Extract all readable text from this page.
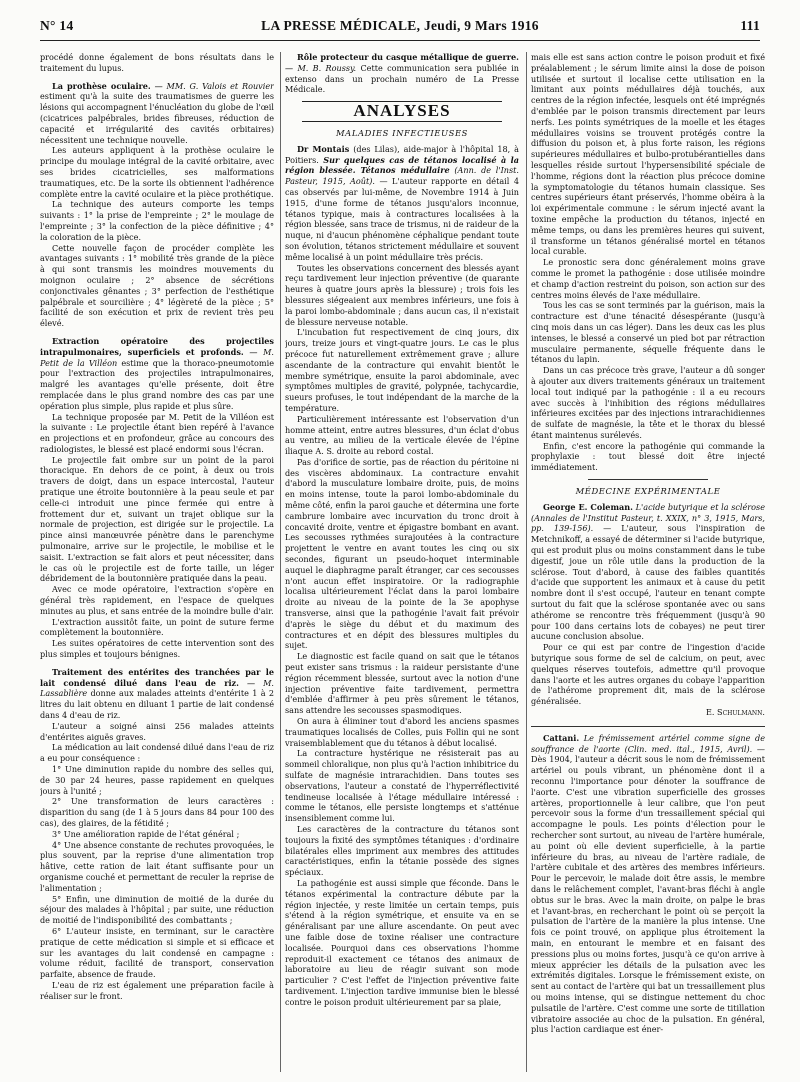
N° 14	LA PRESSE MÉDICALE, Jeudi, 9 Mars 1916	111

procédé donne également de bons résultats dans le traitement du lupus.

La prothèse oculaire. — MM. G. Valois et Rouvier estiment qu'à la suite des traumatismes de guerre les lésions qui accompagnent l'énucléation du globe de l'œil (cicatrices palpébrales, brides fibreuses, réduction de capacité et irrégularité des cavités orbitaires) nécessitent une technique nouvelle.

Les auteurs appliquent à la prothèse oculaire le principe du moulage intégral de la cavité orbitaire, avec ses brides cicatricielles, ses malformations traumatiques, etc. De la sorte ils obtiennent l'adhérence complète entre la cavité oculaire et la pièce prothétique.

La technique des auteurs comporte les temps suivants : 1° la prise de l'empreinte ; 2° le moulage de l'empreinte ; 3° la confection de la pièce définitive ; 4° la coloration de la pièce.

Cette nouvelle façon de procéder complète les avantages suivants : 1° mobilité très grande de la pièce à qui sont transmis les moindres mouvements du moignon oculaire ; 2° absence de sécrétions conjonctivales gênantes ; 3° perfection de l'esthétique palpébrale et sourcilière ; 4° légèreté de la pièce ; 5° facilité de son exécution et prix de revient très peu élevé.

Extraction opératoire des projectiles intrapulmonaires, superficiels et profonds. — M. Petit de la Villéon estime que la thoraco-pneumotomie pour l'extraction des projectiles intrapulmonaires, malgré les avantages qu'elle présente, doit être remplacée dans le plus grand nombre des cas par une opération plus simple, plus rapide et plus sûre.

La technique proposée par M. Petit de la Villéon est la suivante : Le projectile étant bien repéré à l'avance en projections et en profondeur, grâce au concours des radiologistes, le blessé est placé endormi sous l'écran.

Le projectile fait ombre sur un point de la paroi thoracique. En dehors de ce point, à deux ou trois travers de doigt, dans un espace intercostal, l'auteur pratique une étroite boutonnière à la peau seule et par celle-ci introduit une pince fermée qui entre à frottement dur et, suivant un trajet oblique sur la normale de projection, est dirigée sur le projectile. La pince ainsi manœuvrée pénètre dans le parenchyme pulmonaire, arrive sur le projectile, le mobilise et le saisit. L'extraction se fait alors et peut nécessiter, dans le cas où le projectile est de forte taille, un léger débridement de la boutonnière pratiquée dans la peau.

Avec ce mode opératoire, l'extraction s'opère en général très rapidement, en l'espace de quelques minutes au plus, et sans entrée de la moindre bulle d'air.

L'extraction aussitôt faite, un point de suture ferme complètement la boutonnière.

Les suites opératoires de cette intervention sont des plus simples et toujours bénignes.

Traitement des entérites des tranchées par le lait condensé dilué dans l'eau de riz. — M. Lassablière donne aux malades atteints d'entérite 1 à 2 litres du lait obtenu en diluant 1 partie de lait condensé dans 4 d'eau de riz.

L'auteur a soigné ainsi 256 malades atteints d'entérites aiguës graves.

La médication au lait condensé dilué dans l'eau de riz a eu pour conséquence :

1° Une diminution rapide du nombre des selles qui, de 30 par 24 heures, passe rapidement en quelques jours à l'unité ;

2° Une transformation de leurs caractères : disparition du sang (de 1 à 5 jours dans 84 pour 100 des cas), des glaires, de la fétidité ;

3° Une amélioration rapide de l'état général ;

4° Une absence constante de rechutes provoquées, le plus souvent, par la reprise d'une alimentation trop hâtive, cette ration de lait étant suffisante pour un organisme couché et permettant de reculer la reprise de l'alimentation ;

5° Enfin, une diminution de moitié de la durée du séjour des malades à l'hôpital ; par suite, une réduction de moitié de l'indisponibilité des combattants ;

6° L'auteur insiste, en terminant, sur le caractère pratique de cette médication si simple et si efficace et sur les avantages du lait condensé en campagne : volume réduit, facilité de transport, conservation parfaite, absence de fraude.

L'eau de riz est également une préparation facile à réaliser sur le front.

Rôle protecteur du casque métallique de guerre. — M. B. Roussy. Cette communication sera publiée in extenso dans un prochain numéro de La Presse Médicale.

ANALYSES
MALADIES INFECTIEUSES

Dr Montais (des Lilas), aide-major à l'hôpital 18, à Poitiers. Sur quelques cas de tétanos localisé à la région blessée. Tétanos médullaire (Ann. de l'Inst. Pasteur, 1915, Août). — L'auteur rapporte en détail 4 cas observés par lui-même, de Novembre 1914 à Juin 1915, d'une forme de tétanos jusqu'alors inconnue, tétanos typique, mais à contractures localisées à la région blessée, sans trace de trismus, ni de raideur de la nuque, ni d'aucun phénomène céphalique pendant toute son évolution, tétanos strictement médullaire et souvent même localisé à un point médullaire très précis.

Toutes les observations concernent des blessés ayant reçu tardivement leur injection préventive (de quarante heures à quatre jours après la blessure) ; trois fois les blessures siégeaient aux membres inférieurs, une fois à la paroi lombo-abdominale ; dans aucun cas, il n'existait de blessure nerveuse notable.

L'incubation fut respectivement de cinq jours, dix jours, treize jours et vingt-quatre jours. Le cas le plus précoce fut naturellement extrêmement grave ; allure ascendante de la contracture qui envahit bientôt le membre symétrique, ensuite la paroi abdominale, avec symptômes multiples de gravité, polypnée, tachycardie, sueurs profuses, le tout indépendant de la marche de la température.

Particulièrement intéressante est l'observation d'un homme atteint, entre autres blessures, d'un éclat d'obus au ventre, au milieu de la verticale élevée de l'épine iliaque A. S. droite au rebord costal.

Pas d'orifice de sortie, pas de réaction du péritoine ni des viscères abdominaux. La contracture envahit d'abord la musculature lombaire droite, puis, de moins en moins intense, toute la paroi lombo-abdominale du même côté, enfin la paroi gauche et détermina une forte cambrure lombaire avec incurvation du tronc droit à concavité droite, ventre et épigastre bombant en avant. Les secousses rythmées surajoutées à la contracture projettent le ventre en avant toutes les cinq ou six secondes, figurant un pseudo-hoquet interminable auquel le diaphragme paraît étranger, car ces secousses n'ont aucun effet inspiratoire. Or la radiographie localisa ultérieurement l'éclat dans la paroi lombaire droite au niveau de la pointe de la 3e apophyse transverse, ainsi que la pathogénie l'avait fait prévoir d'après le siège du début et du maximum des contractures et en dépit des blessures multiples du sujet.

Le diagnostic est facile quand on sait que le tétanos peut exister sans trismus : la raideur persistante d'une région récemment blessée, surtout avec la notion d'une injection préventive faite tardivement, permettra d'emblée d'affirmer à peu près sûrement le tétanos, sans attendre les secousses spasmodiques.

On aura à éliminer tout d'abord les anciens spasmes traumatiques localisés de Colles, puis Follin qui ne sont vraisemblablement que du tétanos à début localisé.

La contracture hystérique ne résisterait pas au sommeil chloralique, non plus qu'à l'action inhibitrice du sulfate de magnésie intrarachidien. Dans toutes ses observations, l'auteur a constaté de l'hyperréflectivité tendineuse localisée à l'étage médullaire intéressé : comme le tétanos, elle persiste longtemps et s'atténue insensiblement comme lui.

Les caractères de la contracture du tétanos sont toujours la fixité des symptômes tétaniques : d'ordinaire bilatérales elles impriment aux membres des attitudes caractéristiques, enfin la tétanie possède des signes spéciaux.

La pathogénie est aussi simple que féconde. Dans le tétanos expérimental la contracture débute par la région injectée, y reste limitée un certain temps, puis s'étend à la région symétrique, et ensuite va en se généralisant par une allure ascendante. On peut avec une faible dose de toxine réaliser une contracture localisée. Pourquoi dans ces observations l'homme reproduit-il exactement ce tétanos des animaux de laboratoire au lieu de réagir suivant son mode particulier ? C'est l'effet de l'injection préventive faite tardivement. L'injection tardive immunise bien le blessé contre le poison produit ultérieurement par sa plaie,

mais elle est sans action contre le poison produit et fixé préalablement ; le sérum limite ainsi la dose de poison utilisée et surtout il localise cette utilisation en la limitant aux points médullaires déjà touchés, aux centres de la région infectée, lesquels ont été imprégnés d'emblée par le poison transmis directement par leurs nerfs. Les points symétriques de la moelle et les étages médullaires voisins se trouvent protégés contre la diffusion du poison et, à plus forte raison, les régions supérieures médullaires et bulbo-protubérantielles dans lesquelles réside surtout l'hypersensibilité spéciale de l'homme, régions dont la réaction plus précoce domine la symptomatologie du tétanos humain classique. Ses centres supérieurs étant préservés, l'homme obéira à la loi expérimentale commune : le sérum injecté avant la toxine empêche la production du tétanos, injecté en même temps, ou dans les premières heures qui suivent, il transforme un tétanos généralisé mortel en tétanos local curable.

Le pronostic sera donc généralement moins grave comme le promet la pathogénie : dose utilisée moindre et champ d'action restreint du poison, son action sur des centres moins élevés de l'axe médullaire.

Tous les cas se sont terminés par la guérison, mais la contracture est d'une ténacité désespérante (jusqu'à cinq mois dans un cas léger). Dans les deux cas les plus intenses, le blessé a conservé un pied bot par rétraction musculaire permanente, séquelle fréquente dans le tétanos du lapin.

Dans un cas précoce très grave, l'auteur a dû songer à ajouter aux divers traitements généraux un traitement local tout indiqué par la pathogénie : il a eu recours avec succès à l'inhibition des régions médullaires inférieures excitées par des injections intrarachidiennes de sulfate de magnésie, la tête et le thorax du blessé étant maintenus surélevés.

Enfin, c'est encore la pathogénie qui commande la prophylaxie : tout blessé doit être injecté immédiatement.

MÉDECINE EXPÉRIMENTALE

George E. Coleman. L'acide butyrique et la sclérose (Annales de l'Institut Pasteur, t. XXIX, n° 3, 1915, Mars, pp. 139-156). — L'auteur, sous l'inspiration de Metchnikoff, a essayé de déterminer si l'acide butyrique, qui est produit plus ou moins constamment dans le tube digestif, joue un rôle utile dans la production de la sclérose. Tout d'abord, à cause des faibles quantités d'acide que supportent les animaux et à cause du petit nombre dont il s'est occupé, l'auteur en tenant compte surtout du fait que la sclérose spontanée avec ou sans athérome se rencontre très fréquemment (jusqu'à 90 pour 100 dans certains lots de cobayes) ne peut tirer aucune conclusion absolue.

Pour ce qui est par contre de l'ingestion d'acide butyrique sous forme de sel de calcium, on peut, avec quelques réserves toutefois, admettre qu'il provoque dans l'aorte et les autres organes du cobaye l'apparition de l'athérome proprement dit, mais de la sclérose généralisée.

E. Schulmann.

Cattani. Le frémissement artériel comme signe de souffrance de l'aorte (Clin. med. ital., 1915, Avril). — Dès 1904, l'auteur a décrit sous le nom de frémissement artériel ou pouls vibrant, un phénomène dont il a reconnu l'importance pour dénoter la souffrance de l'aorte. C'est une vibration superficielle des grosses artères, proportionnelle à leur calibre, que l'on peut percevoir sous la forme d'un tressaillement spécial qui accompagne le pouls. Les points d'élection pour le rechercher sont surtout, au niveau de l'artère humérale, au point où elle devient superficielle, à la partie inférieure du bras, au niveau de l'artère radiale, de l'artère cubitale et des artères des membres inférieurs. Pour le percevoir, le malade doit être assis, le membre dans le relâchement complet, l'avant-bras fléchi à angle obtus sur le bras. Avec la main droite, on palpe le bras et l'avant-bras, en recherchant le point où se perçoit la pulsation de l'artère de la manière la plus intense. Une fois ce point trouvé, on applique plus étroitement la main, en entourant le membre et en faisant des pressions plus ou moins fortes, jusqu'à ce qu'on arrive à mieux apprécier les détails de la pulsation avec les extrémités digitales. Lorsque le frémissement existe, on sent au contact de l'artère qui bat un tressaillement plus ou moins intense, qui se distingue nettement du choc pulsatile de l'artère. C'est comme une sorte de titillation vibratoire associée au choc de la pulsation. En général, plus l'action cardiaque est éner-
